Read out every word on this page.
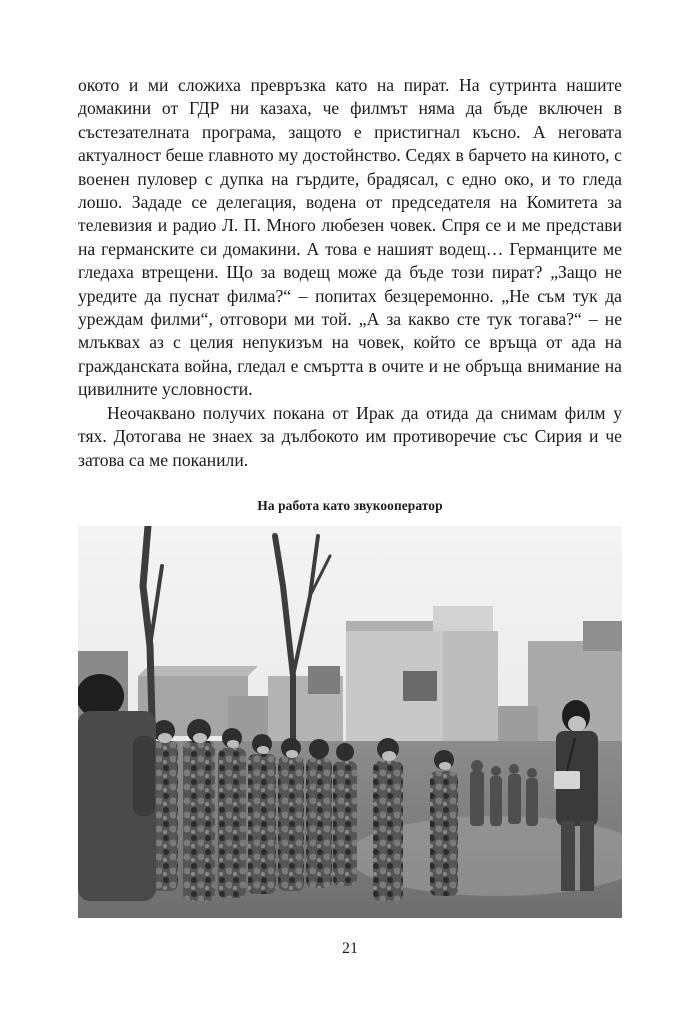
окото и ми сложиха превръзка като на пират. На сутринта нашите домакини от ГДР ни казаха, че филмът няма да бъде включен в състезателната програма, защото е пристигнал късно. А неговата актуалност беше главното му достойнство. Седях в барчето на киното, с военен пуловер с дупка на гърдите, брадясал, с едно око, и то гледа лошо. Зададе се делегация, водена от председателя на Комитета за телевизия и радио Л. П. Много любезен човек. Спря се и ме представи на германските си домакини. А това е нашият водещ… Германците ме гледаха втрещени. Що за водещ може да бъде този пират? „Защо не уредите да пуснат филма?“ – попитах безцеремонно. „Не съм тук да уреждам филми“, отговори ми той. „А за какво сте тук тогава?“ – не млъквах аз с целия непукизъм на човек, който се връща от ада на гражданската война, гледал е смъртта в очите и не обръща внимание на цивилните условности.

Неочаквано получих покана от Ирак да отида да снимам филм у тях. Дотогава не знаех за дълбокото им противоречие със Сирия и че затова са ме поканили.

На работа като звукооператор
21
